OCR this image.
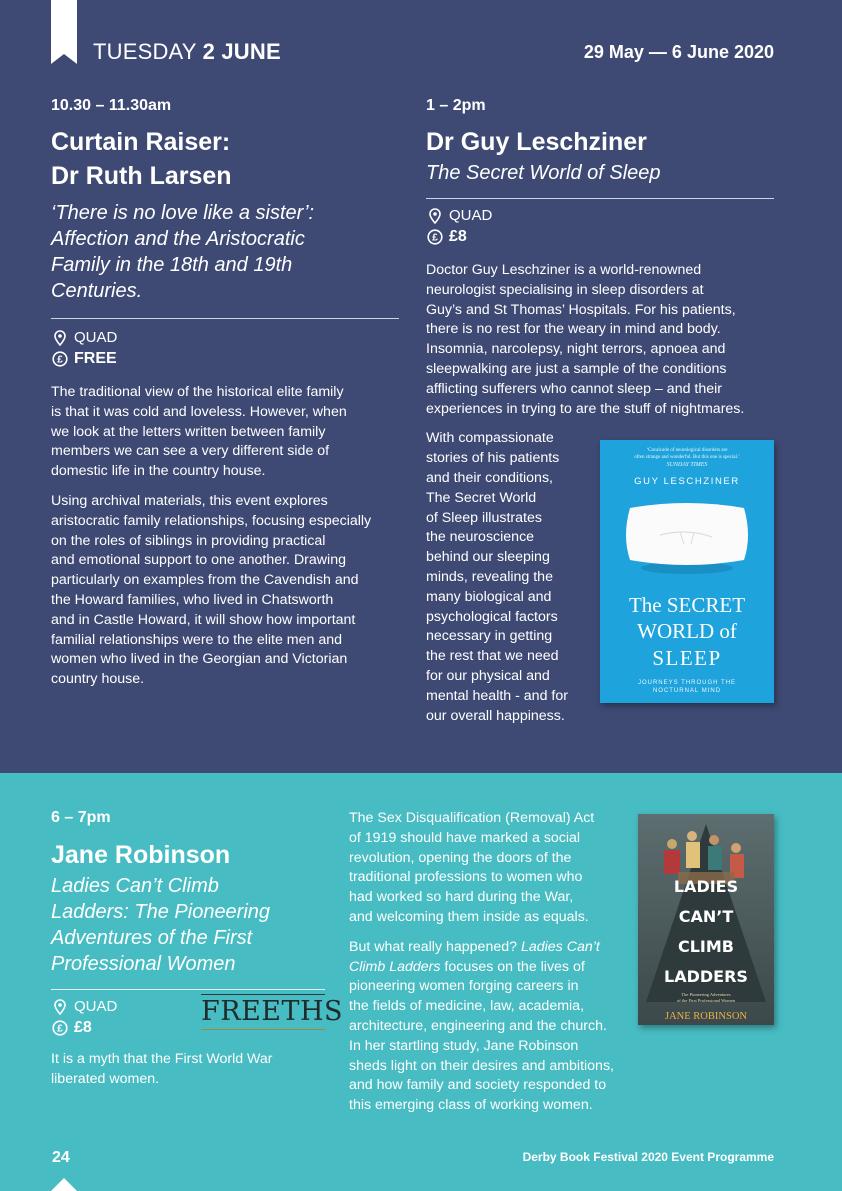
TUESDAY 2 JUNE	29 May — 6 June 2020
10.30 – 11.30am
Curtain Raiser:
Dr Ruth Larsen
‘There is no love like a sister’:
Affection and the Aristocratic
Family in the 18th and 19th
Centuries.
QUAD
£ FREE

The traditional view of the historical elite family
is that it was cold and loveless. However, when
we look at the letters written between family
members we can see a very different side of
domestic life in the country house.

Using archival materials, this event explores
aristocratic family relationships, focusing especially
on the roles of siblings in providing practical
and emotional support to one another. Drawing
particularly on examples from the Cavendish and
the Howard families, who lived in Chatsworth
and in Castle Howard, it will show how important
familial relationships were to the elite men and
women who lived in the Georgian and Victorian
country house.

1 – 2pm
Dr Guy Leschziner
The Secret World of Sleep
QUAD
£ £8

Doctor Guy Leschziner is a world-renowned
neurologist specialising in sleep disorders at
Guy’s and St Thomas’ Hospitals. For his patients,
there is no rest for the weary in mind and body.
Insomnia, narcolepsy, night terrors, apnoea and
sleepwalking are just a sample of the conditions
afflicting sufferers who cannot sleep – and their
experiences in trying to are the stuff of nightmares.

With compassionate
stories of his patients
and their conditions,
The Secret World
of Sleep illustrates
the neuroscience
behind our sleeping
minds, revealing the
many biological and
psychological factors
necessary in getting
the rest that we need
for our physical and
mental health - and for
our overall happiness.

‘Cavalcade of neurological disorders are
often strange and wonderful. But this one is special.’
SUNDAY TIMES
GUY LESCHZINER
The SECRET
WORLD of
SLEEP
JOURNEYS THROUGH THE
NOCTURNAL MIND
6 – 7pm
Jane Robinson
Ladies Can’t Climb
Ladders: The Pioneering
Adventures of the First
Professional Women
QUAD
£ £8
FREETHS
It is a myth that the First World War
liberated women.

The Sex Disqualification (Removal) Act
of 1919 should have marked a social
revolution, opening the doors of the
traditional professions to women who
had worked so hard during the War,
and welcoming them inside as equals.

But what really happened? Ladies Can’t
Climb Ladders focuses on the lives of
pioneering women forging careers in
the fields of medicine, law, academia,
architecture, engineering and the church.
In her startling study, Jane Robinson
sheds light on their desires and ambitions,
and how family and society responded to
this emerging class of working women.

LADIES
CAN’T
CLIMB
LADDERS
The Pioneering Adventures
of the First Professional Women
JANE ROBINSON
24	Derby Book Festival 2020 Event Programme
